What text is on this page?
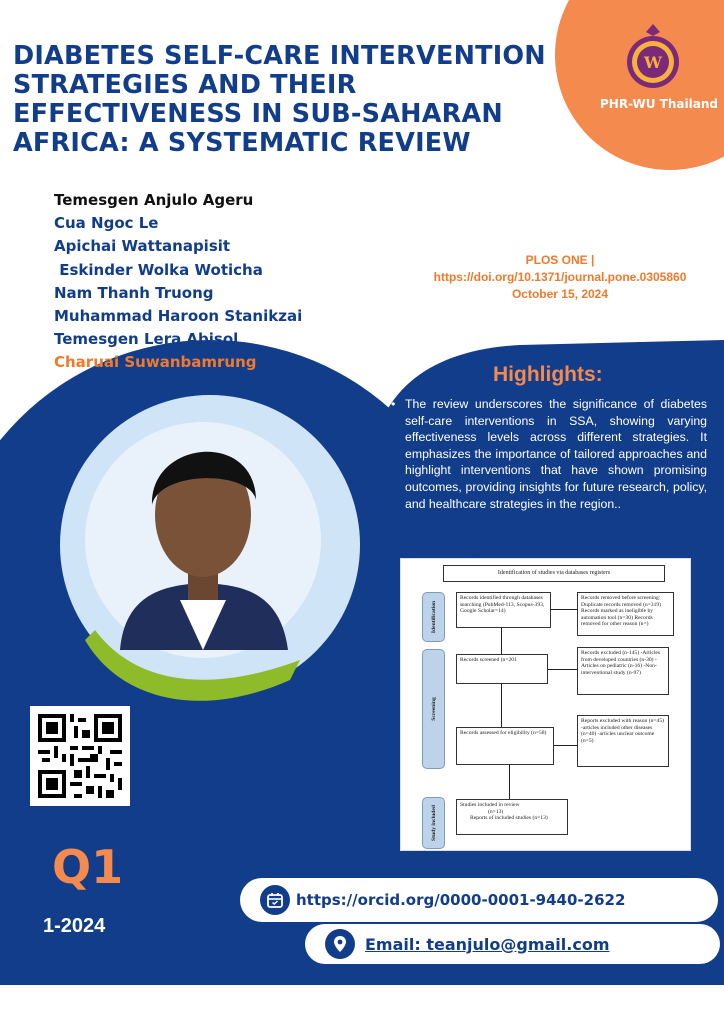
W
PHR-WU Thailand
DIABETES SELF-CARE INTERVENTION STRATEGIES AND THEIR EFFECTIVENESS IN SUB-SAHARAN AFRICA: A SYSTEMATIC REVIEW
Temesgen Anjulo Ageru
Cua Ngoc Le
Apichai Wattanapisit
Eskinder Wolka Woticha
Nam Thanh Truong
Muhammad Haroon Stanikzai
Temesgen Lera Abisol
Charuai Suwanbamrung
PLOS ONE |
https://doi.org/10.1371/journal.pone.0305860
October 15, 2024
Highlights:
• The review underscores the significance of diabetes self-care interventions in SSA, showing varying effectiveness levels across different strategies. It emphasizes the importance of tailored approaches and highlight interventions that have shown promising outcomes, providing insights for future research, policy, and healthcare strategies in the region..
Identification of studies via databases registers
Identification
Screening
Study included
Records identified through databases searching (PubMed-113, Scopus-393, Google Scholar=14)
Records removed before screening: Duplicate records removed (n=319) Records marked as ineligible by automation tool (n=30) Records removed for other reason (n=)
Records screened (n=201
Records excluded (n-145) -Articles from developed countries (n-30) -Articles on pediatric (n-16) -Non-interventional study (n-97)
Records assessed for eligibility (n=58)
Reports excluded with reason (n=45) -articles included other diseases (n=40) -articles unclear outcome (n=5)
Studies included in review
(n=13)
Reports of included studies (n=13)
Q1
1-2024
https://orcid.org/0000-0001-9440-2622
Email: teanjulo@gmail.com
